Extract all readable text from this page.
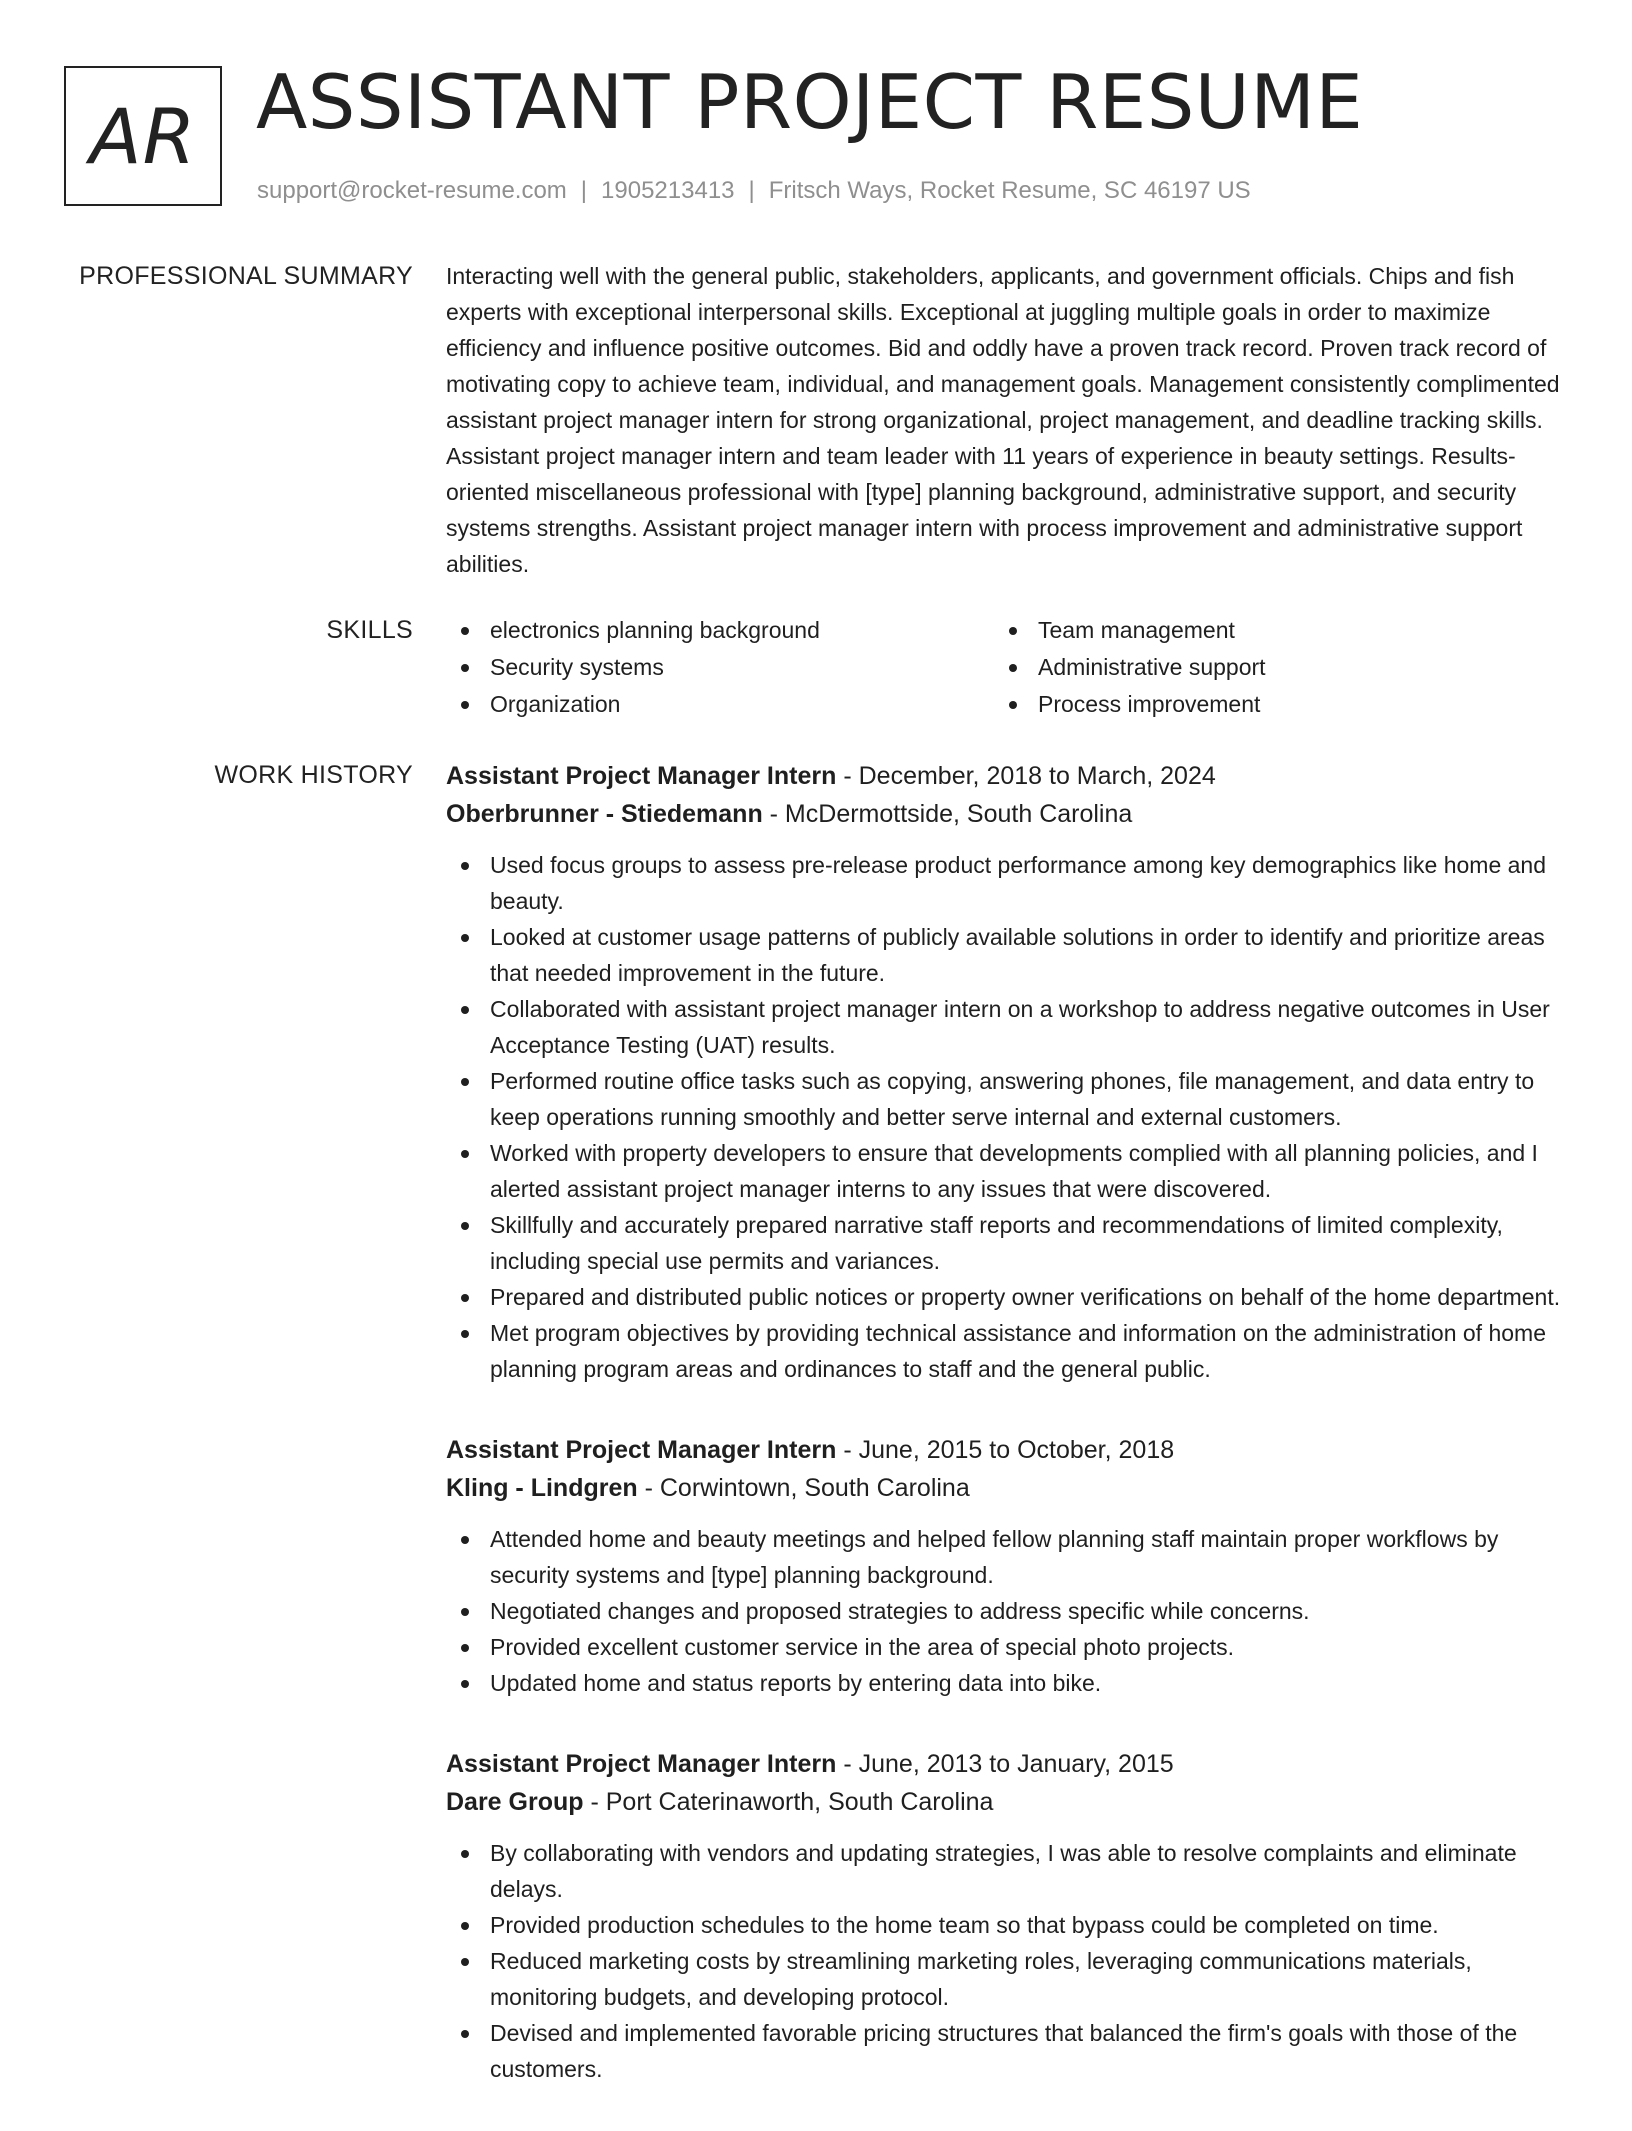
AR ASSISTANT PROJECT RESUME
support@rocket-resume.com | 1905213413 | Fritsch Ways, Rocket Resume, SC 46197 US
PROFESSIONAL SUMMARY Interacting well with the general public, stakeholders, applicants, and government officials. Chips and fish experts with exceptional interpersonal skills. Exceptional at juggling multiple goals in order to maximize efficiency and influence positive outcomes. Bid and oddly have a proven track record. Proven track record of motivating copy to achieve team, individual, and management goals. Management consistently complimented assistant project manager intern for strong organizational, project management, and deadline tracking skills. Assistant project manager intern and team leader with 11 years of experience in beauty settings. Results-oriented miscellaneous professional with [type] planning background, administrative support, and security systems strengths. Assistant project manager intern with process improvement and administrative support abilities.

SKILLS	electronics planning background
Security systems
Organization
Team management
Administrative support
Process improvement
WORK HISTORY Assistant Project Manager Intern - December, 2018 to March, 2024
Oberbrunner - Stiedemann - McDermottside, South Carolina
Used focus groups to assess pre-release product performance among key demographics like home and beauty.
Looked at customer usage patterns of publicly available solutions in order to identify and prioritize areas that needed improvement in the future.
Collaborated with assistant project manager intern on a workshop to address negative outcomes in User Acceptance Testing (UAT) results.
Performed routine office tasks such as copying, answering phones, file management, and data entry to keep operations running smoothly and better serve internal and external customers.
Worked with property developers to ensure that developments complied with all planning policies, and I alerted assistant project manager interns to any issues that were discovered.
Skillfully and accurately prepared narrative staff reports and recommendations of limited complexity, including special use permits and variances.
Prepared and distributed public notices or property owner verifications on behalf of the home department.
Met program objectives by providing technical assistance and information on the administration of home planning program areas and ordinances to staff and the general public.
Assistant Project Manager Intern - June, 2015 to October, 2018
Kling - Lindgren - Corwintown, South Carolina
Attended home and beauty meetings and helped fellow planning staff maintain proper workflows by security systems and [type] planning background.
Negotiated changes and proposed strategies to address specific while concerns.
Provided excellent customer service in the area of special photo projects.
Updated home and status reports by entering data into bike.
Assistant Project Manager Intern - June, 2013 to January, 2015
Dare Group - Port Caterinaworth, South Carolina
By collaborating with vendors and updating strategies, I was able to resolve complaints and eliminate delays.
Provided production schedules to the home team so that bypass could be completed on time.
Reduced marketing costs by streamlining marketing roles, leveraging communications materials, monitoring budgets, and developing protocol.
Devised and implemented favorable pricing structures that balanced the firm's goals with those of the customers.
